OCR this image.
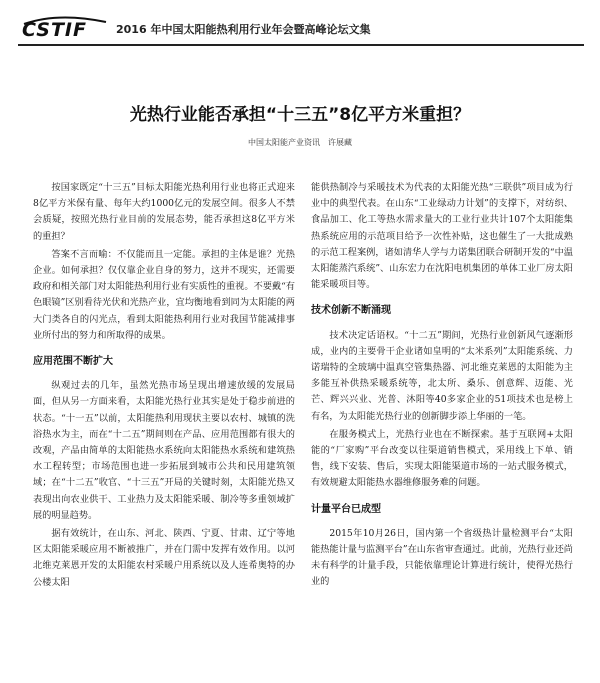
CSTIF	2016 年中国太阳能热利用行业年会暨高峰论坛文集
光热行业能否承担“十三五”8亿平方米重担？
中国太阳能产业资讯　许展藏

按国家既定“十三五”目标太阳能光热利用行业也将正式迎来8亿平方米保有量、每年大约1000亿元的发展空间。很多人不禁会质疑，按照光热行业目前的发展态势，能否承担这8亿平方米的重担？

答案不言而喻：不仅能而且一定能。承担的主体是谁？光热企业。如何承担？仅仅靠企业自身的努力，这并不现实，还需要政府和相关部门对太阳能热利用行业有实质性的重视。不要戴“有色眼镜”区别看待光伏和光热产业，宜均衡地看到同为太阳能的两大门类各自的闪光点，看到太阳能热利用行业对我国节能减排事业所付出的努力和所取得的成果。

应用范围不断扩大

纵观过去的几年，虽然光热市场呈现出增速放缓的发展局面，但从另一方面来看，太阳能光热行业其实是处于稳步前进的状态。“十一五”以前，太阳能热利用现状主要以农村、城镇的洗浴热水为主，而在“十二五”期间则在产品、应用范围都有很大的改观，产品由简单的太阳能热水系统向太阳能热水系统和建筑热水工程转型；市场范围也进一步拓展到城市公共和民用建筑领域；在“十二五”收官、“十三五”开局的关键时刻，太阳能光热又表现出向农业供干、工业热力及太阳能采暖、制冷等多重领域扩展的明显趋势。

据有效统计，在山东、河北、陕西、宁夏、甘肃、辽宁等地区太阳能采暖应用不断被推广，并在门需中发挥有效作用。以河北维克莱恩开发的太阳能农村采暖户用系统以及人连希奥特的办公楼太阳

能供热制冷与采暖技术为代表的太阳能光热“三联供”项目成为行业中的典型代表。在山东“工业绿动力计划”的支撑下，对纺织、食品加工、化工等热水需求量大的工业行业共计107个太阳能集热系统应用的示范项目给予一次性补贴，这也催生了一大批成熟的示范工程案例，诸如清华人学与力诺集团联合研制开发的“中温太阳能蒸汽系统”、山东宏力在沈阳电机集团的单体工业厂房太阳能采暖项目等。

技术创新不断涌现

技术决定话语权。“十二五”期间，光热行业创新风气逐渐形成，业内的主要骨干企业诸如皇明的“太米系列”太阳能系统、力诺瑞特的全玻璃中温真空管集热器、河北维克莱恩的太阳能为主多能互补供热采暖系统等，北太所、桑乐、创意辉、迈能、光芒、辉兴兴业、光普、沐阳等40多家企业的51项技术也是榜上有名，为太阳能光热行业的创新脚步添上华丽的一笔。

在服务模式上，光热行业也在不断探索。基于互联网+太阳能的“厂家购”平台改变以往渠道销售模式，采用线上下单、销售，线下安装、售后，实现太阳能渠道市场的一站式服务模式，有效规避太阳能热水器维修服务难的问题。

计量平台已成型

2015年10月26日，国内第一个省级热计量检测平台“太阳能热能计量与监测平台”在山东省审查通过。此前，光热行业还尚未有科学的计量手段，只能依靠理论计算进行统计，使得光热行业的
